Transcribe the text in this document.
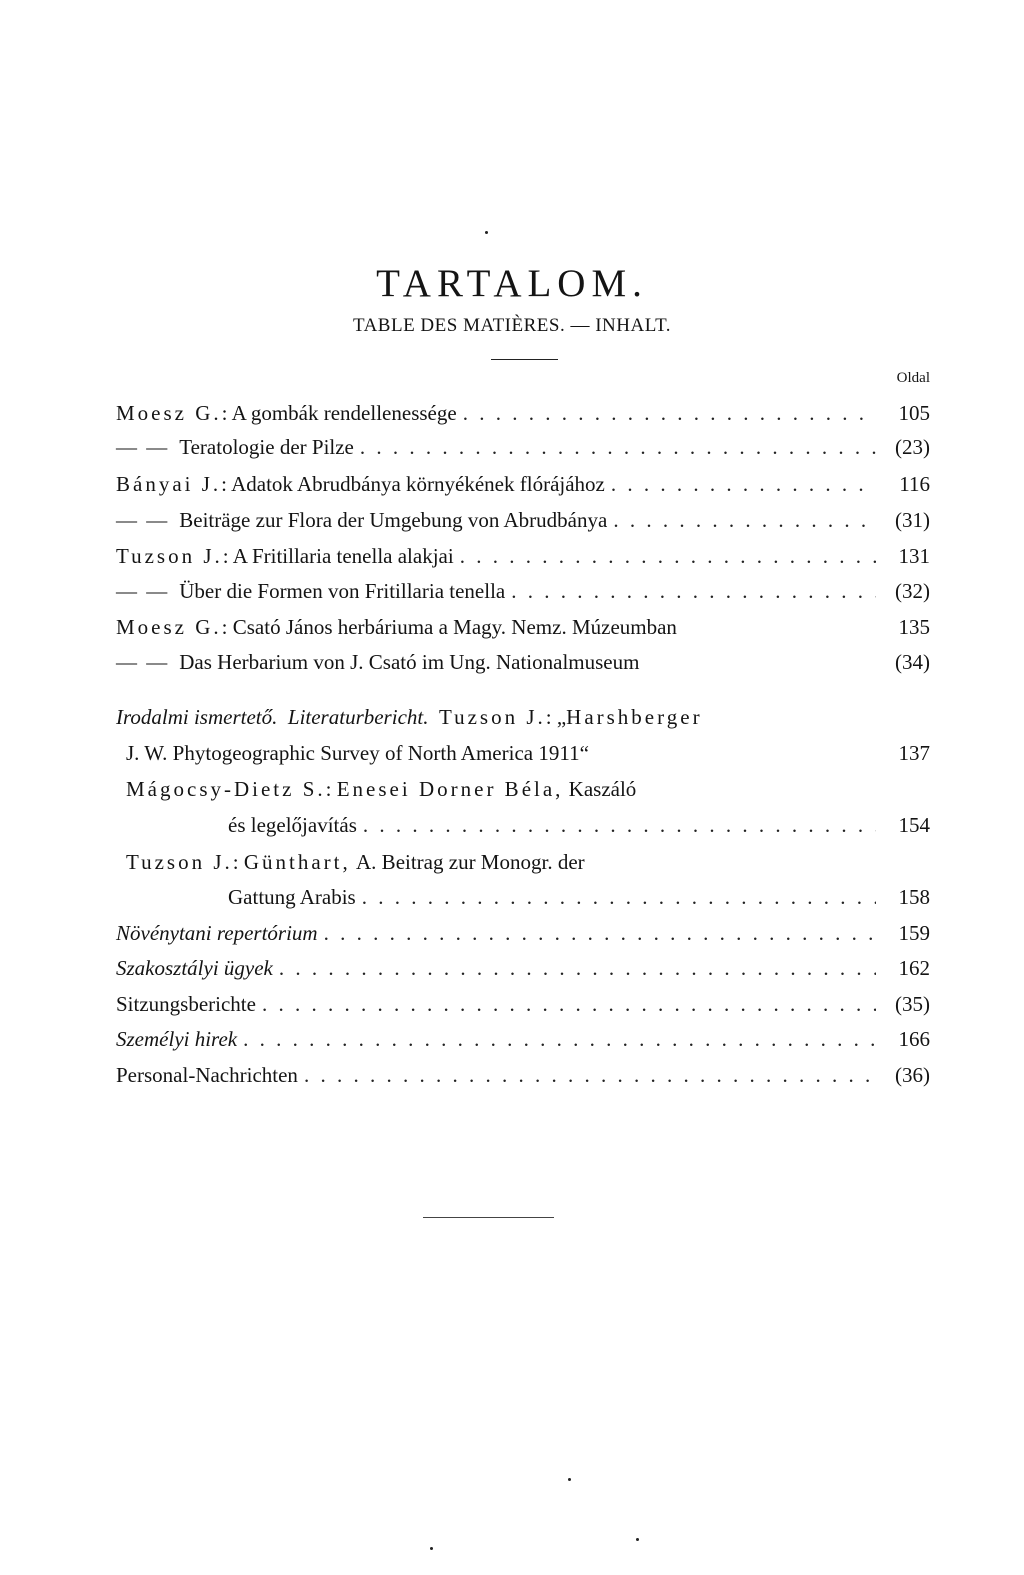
TARTALOM.
TABLE DES MATIÈRES. — INHALT.
Oldal
Moesz G.: A gombák rendellenessége . . .	105
— — Teratologie der Pilze . . .	(23)
Bányai J.: Adatok Abrudbánya környékének flórájához . . .	116
— — Beiträge zur Flora der Umgebung von Abrudbánya . . .	(31)
Tuzson J.: A Fritillaria tenella alakjai . . .	131
— — Über die Formen von Fritillaria tenella . . .	(32)
Moesz G.: Csató János herbáriuma a Magy. Nemz. Múzeumban	135
— — Das Herbarium von J. Csató im Ung. Nationalmuseum	(34)
Irodalmi ismertető. Literaturbericht. Tuzson J.: „Harshberger
J. W. Phytogeographic Survey of North America 1911“	137
Mágocsy-Dietz S.: Enesei Dorner Béla, Kaszáló
és legelőjavítás . . .	154
Tuzson J.: Günthart, A. Beitrag zur Monogr. der
Gattung Arabis . . .	158
Növénytani repertórium . . .	159
Szakosztályi ügyek . . .	162
Sitzungsberichte . . .	(35)
Személyi hirek . . .	166
Personal-Nachrichten . . .	(36)
